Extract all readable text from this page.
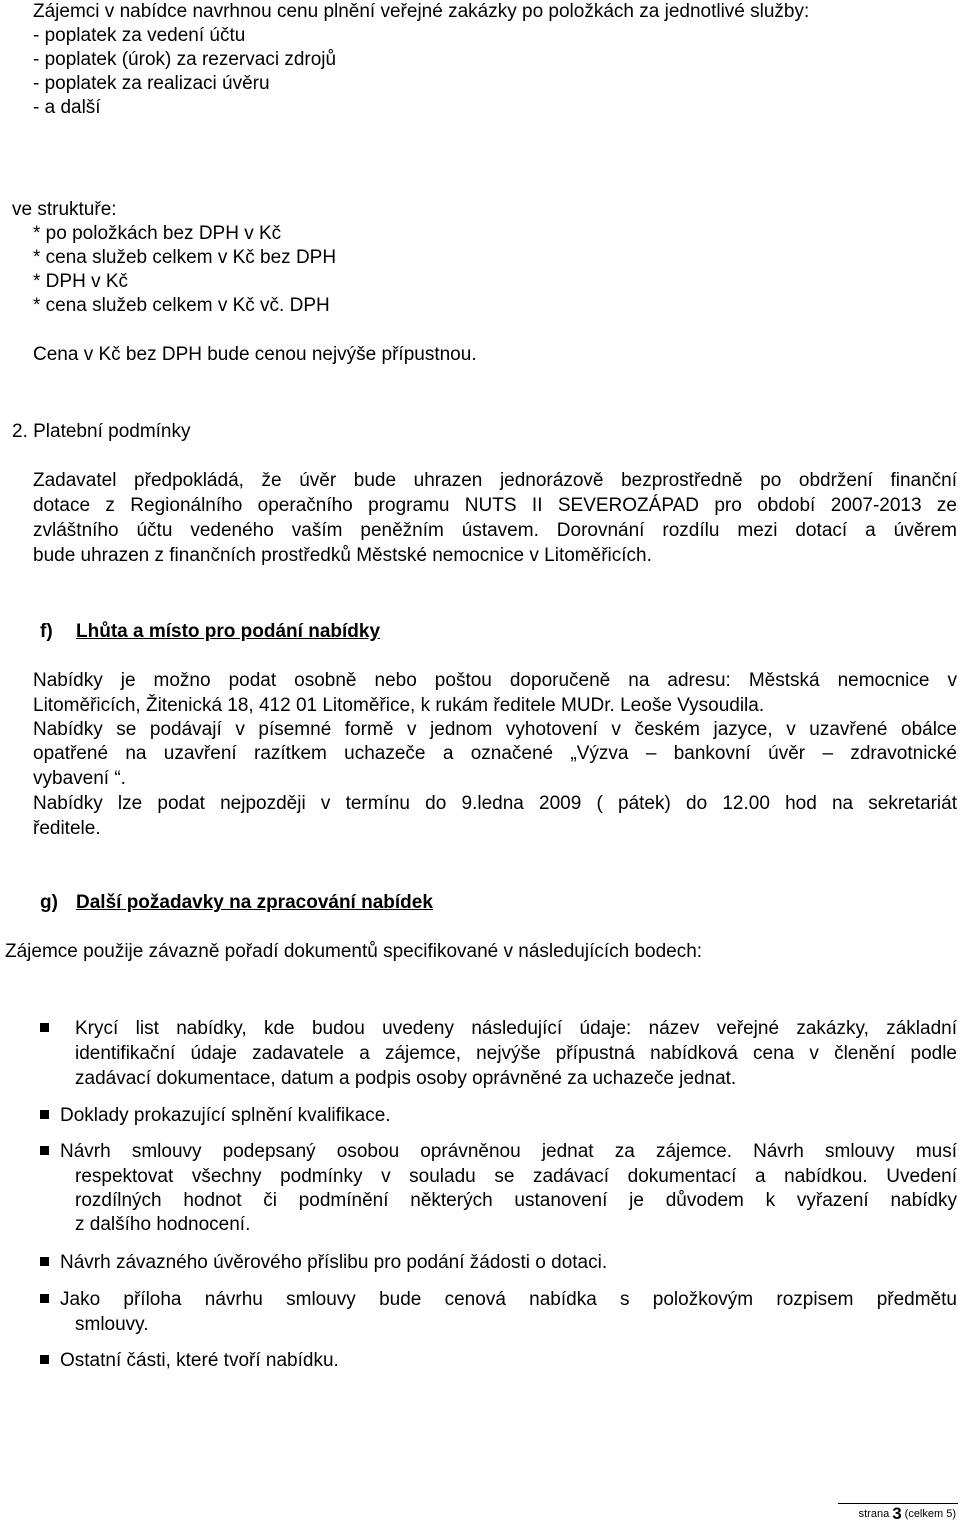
Zájemci v nabídce navrhnou cenu plnění veřejné zakázky po položkách za jednotlivé služby:
- poplatek za vedení účtu
- poplatek (úrok) za rezervaci zdrojů
- poplatek za realizaci úvěru
- a další
ve struktuře:
* po položkách bez DPH v Kč
* cena služeb celkem v Kč bez DPH
* DPH v Kč
* cena služeb celkem v Kč vč. DPH
Cena v Kč bez DPH bude cenou nejvýše přípustnou.
2. Platební podmínky
Zadavatel předpokládá, že úvěr bude uhrazen jednorázově bezprostředně po obdržení finanční
dotace z Regionálního operačního programu NUTS II SEVEROZÁPAD pro období 2007-2013 ze
zvláštního účtu vedeného vaším peněžním ústavem. Dorovnání rozdílu mezi dotací a úvěrem
bude uhrazen z finančních prostředků Městské nemocnice v Litoměřicích.
f) Lhůta a místo pro podání nabídky
Nabídky je možno podat osobně nebo poštou doporučeně na adresu: Městská nemocnice v
Litoměřicích, Žitenická 18, 412 01 Litoměřice, k rukám ředitele MUDr. Leoše Vysoudila.
Nabídky se podávají v písemné formě v jednom vyhotovení v českém jazyce, v uzavřené obálce
opatřené na uzavření razítkem uchazeče a označené „Výzva – bankovní úvěr – zdravotnické
vybavení “.
Nabídky lze podat nejpozději v termínu do 9.ledna 2009 ( pátek) do 12.00 hod na sekretariát
ředitele.
g) Další požadavky na zpracování nabídek
Zájemce použije závazně pořadí dokumentů specifikované v následujících bodech:
Krycí list nabídky, kde budou uvedeny následující údaje: název veřejné zakázky, základní
identifikační údaje zadavatele a zájemce, nejvýše přípustná nabídková cena v členění podle
zadávací dokumentace, datum a podpis osoby oprávněné za uchazeče jednat.
Doklady prokazující splnění kvalifikace.
Návrh smlouvy podepsaný osobou oprávněnou jednat za zájemce. Návrh smlouvy musí
respektovat všechny podmínky v souladu se zadávací dokumentací a nabídkou. Uvedení
rozdílných hodnot či podmínění některých ustanovení je důvodem k vyřazení nabídky
z dalšího hodnocení.
Návrh závazného úvěrového příslibu pro podání žádosti o dotaci.
Jako příloha návrhu smlouvy bude cenová nabídka s položkovým rozpisem předmětu
smlouvy.
Ostatní části, které tvoří nabídku.
strana 3 (celkem 5)
